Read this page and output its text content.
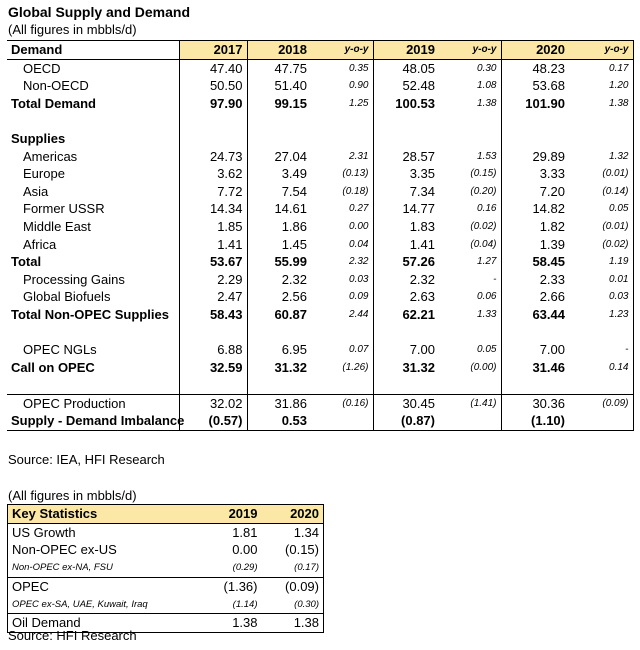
Global Supply and Demand
(All figures in mbbls/d)
Demand	2017	2018	y-o-y	2019	y-o-y	2020	y-o-y
OECD	47.40	47.75	0.35	48.05	0.30	48.23	0.17
Non-OECD	50.50	51.40	0.90	52.48	1.08	53.68	1.20
Total Demand	97.90	99.15	1.25	100.53	1.38	101.90	1.38

Supplies							
Americas	24.73	27.04	2.31	28.57	1.53	29.89	1.32
Europe	3.62	3.49	(0.13)	3.35	(0.15)	3.33	(0.01)
Asia	7.72	7.54	(0.18)	7.34	(0.20)	7.20	(0.14)
Former USSR	14.34	14.61	0.27	14.77	0.16	14.82	0.05
Middle East	1.85	1.86	0.00	1.83	(0.02)	1.82	(0.01)
Africa	1.41	1.45	0.04	1.41	(0.04)	1.39	(0.02)
Total	53.67	55.99	2.32	57.26	1.27	58.45	1.19
Processing Gains	2.29	2.32	0.03	2.32	-	2.33	0.01
Global Biofuels	2.47	2.56	0.09	2.63	0.06	2.66	0.03
Total Non-OPEC Supplies	58.43	60.87	2.44	62.21	1.33	63.44	1.23

OPEC NGLs	6.88	6.95	0.07	7.00	0.05	7.00	-
Call on OPEC	32.59	31.32	(1.26)	31.32	(0.00)	31.46	0.14

OPEC Production	32.02	31.86	(0.16)	30.45	(1.41)	30.36	(0.09)
Supply - Demand Imbalance	(0.57)	0.53		(0.87)		(1.10)	
Source: IEA, HFI Research
(All figures in mbbls/d)
Key Statistics	2019	2020
US Growth	1.81	1.34
Non-OPEC ex-US	0.00	(0.15)
Non-OPEC ex-NA, FSU	(0.29)	(0.17)
OPEC	(1.36)	(0.09)
OPEC ex-SA, UAE, Kuwait, Iraq	(1.14)	(0.30)
Oil Demand	1.38	1.38
Source: HFI Research
